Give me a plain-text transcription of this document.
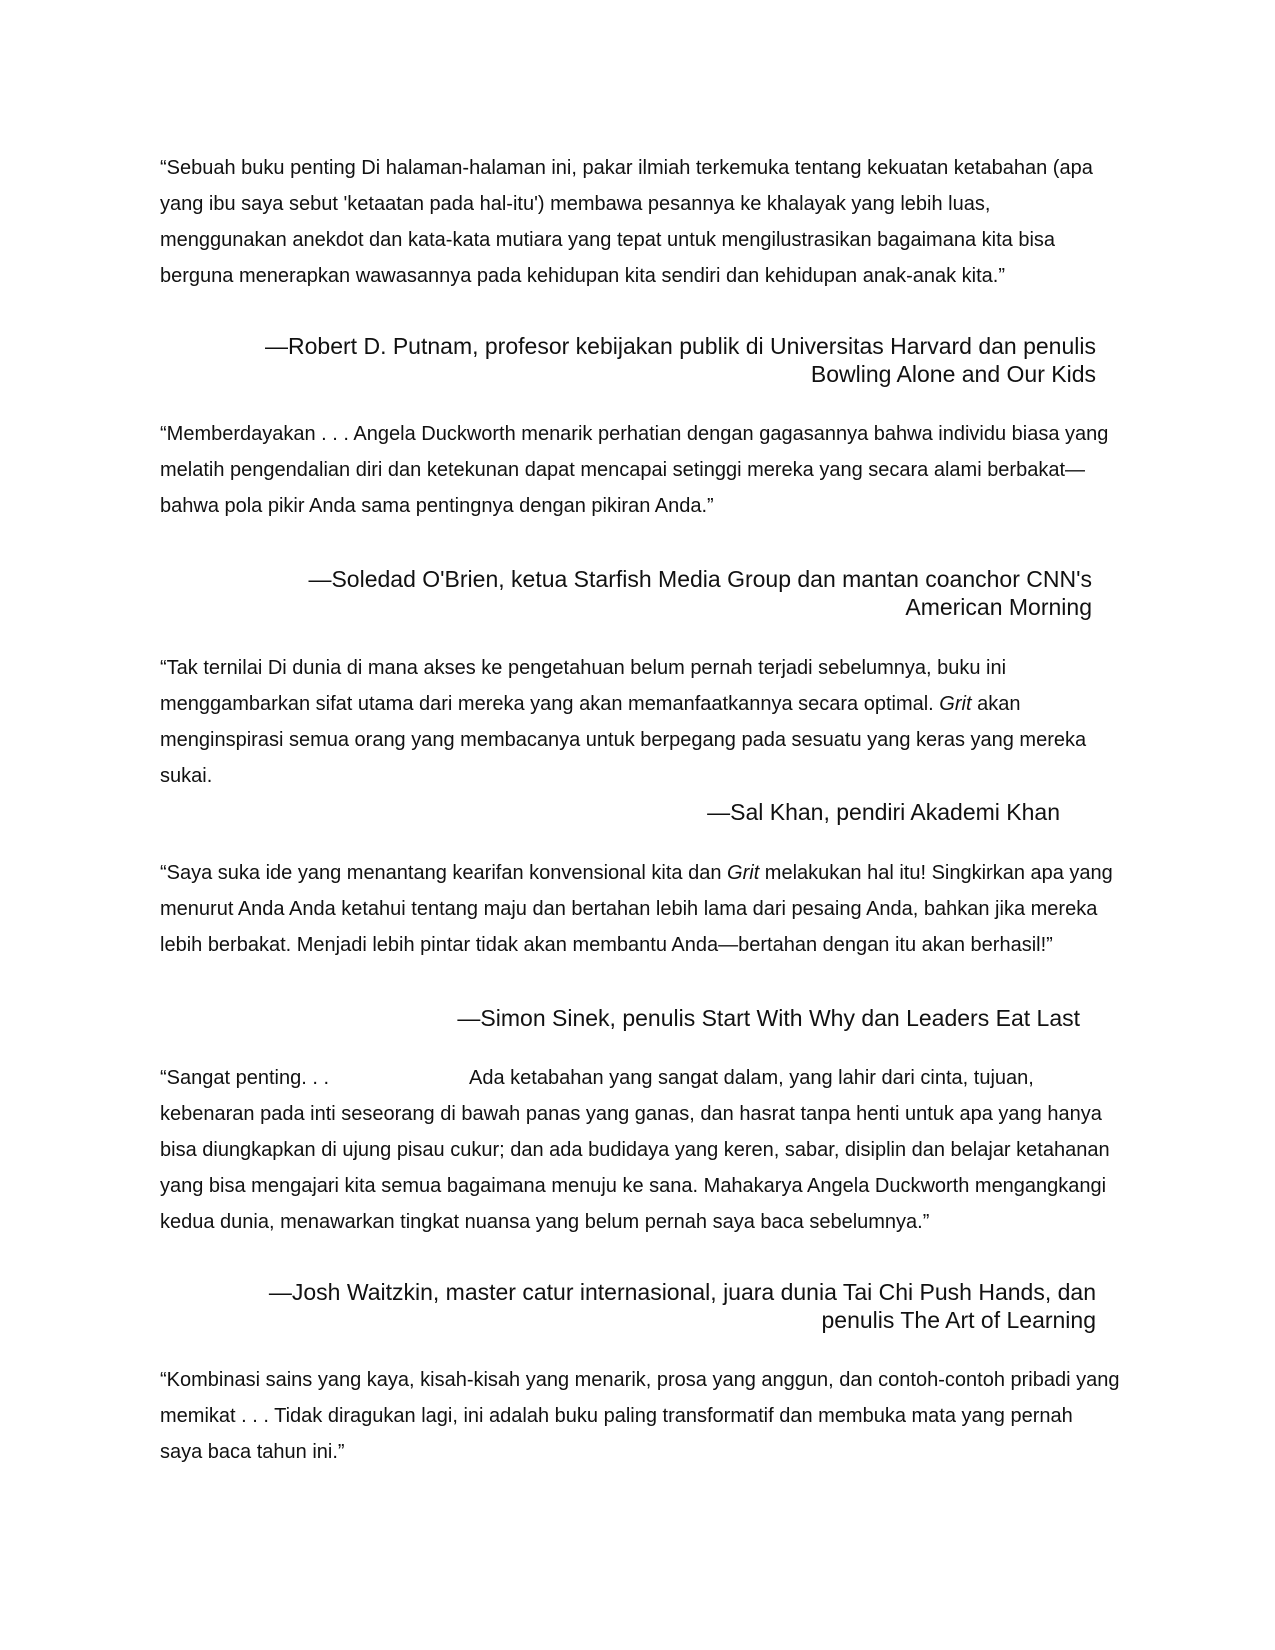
“Sebuah buku penting Di halaman-halaman ini, pakar ilmiah terkemuka tentang kekuatan ketabahan (apa yang ibu saya sebut 'ketaatan pada hal-itu') membawa pesannya ke khalayak yang lebih luas, menggunakan anekdot dan kata-kata mutiara yang tepat untuk mengilustrasikan bagaimana kita bisa berguna menerapkan wawasannya pada kehidupan kita sendiri dan kehidupan anak-anak kita.”

—Robert D. Putnam, profesor kebijakan publik di Universitas Harvard dan penulis
Bowling Alone and Our Kids

“Memberdayakan . . . Angela Duckworth menarik perhatian dengan gagasannya bahwa individu biasa yang melatih pengendalian diri dan ketekunan dapat mencapai setinggi mereka yang secara alami berbakat—bahwa pola pikir Anda sama pentingnya dengan pikiran Anda.”

—Soledad O'Brien, ketua Starfish Media Group dan mantan coanchor CNN's
American Morning

“Tak ternilai Di dunia di mana akses ke pengetahuan belum pernah terjadi sebelumnya, buku ini menggambarkan sifat utama dari mereka yang akan memanfaatkannya secara optimal. Grit akan menginspirasi semua orang yang membacanya untuk berpegang pada sesuatu yang keras yang mereka sukai.

—Sal Khan, pendiri Akademi Khan

“Saya suka ide yang menantang kearifan konvensional kita dan Grit melakukan hal itu! Singkirkan apa yang menurut Anda Anda ketahui tentang maju dan bertahan lebih lama dari pesaing Anda, bahkan jika mereka lebih berbakat. Menjadi lebih pintar tidak akan membantu Anda—bertahan dengan itu akan berhasil!”

—Simon Sinek, penulis Start With Why dan Leaders Eat Last

“Sangat penting. . .	Ada ketabahan yang sangat dalam, yang lahir dari cinta, tujuan, kebenaran pada inti seseorang di bawah panas yang ganas, dan hasrat tanpa henti untuk apa yang hanya bisa diungkapkan di ujung pisau cukur; dan ada budidaya yang keren, sabar, disiplin dan belajar ketahanan yang bisa mengajari kita semua bagaimana menuju ke sana. Mahakarya Angela Duckworth mengangkangi kedua dunia, menawarkan tingkat nuansa yang belum pernah saya baca sebelumnya.”

—Josh Waitzkin, master catur internasional, juara dunia Tai Chi Push Hands, dan
penulis The Art of Learning

“Kombinasi sains yang kaya, kisah-kisah yang menarik, prosa yang anggun, dan contoh-contoh pribadi yang memikat . . . Tidak diragukan lagi, ini adalah buku paling transformatif dan membuka mata yang pernah saya baca tahun ini.”
